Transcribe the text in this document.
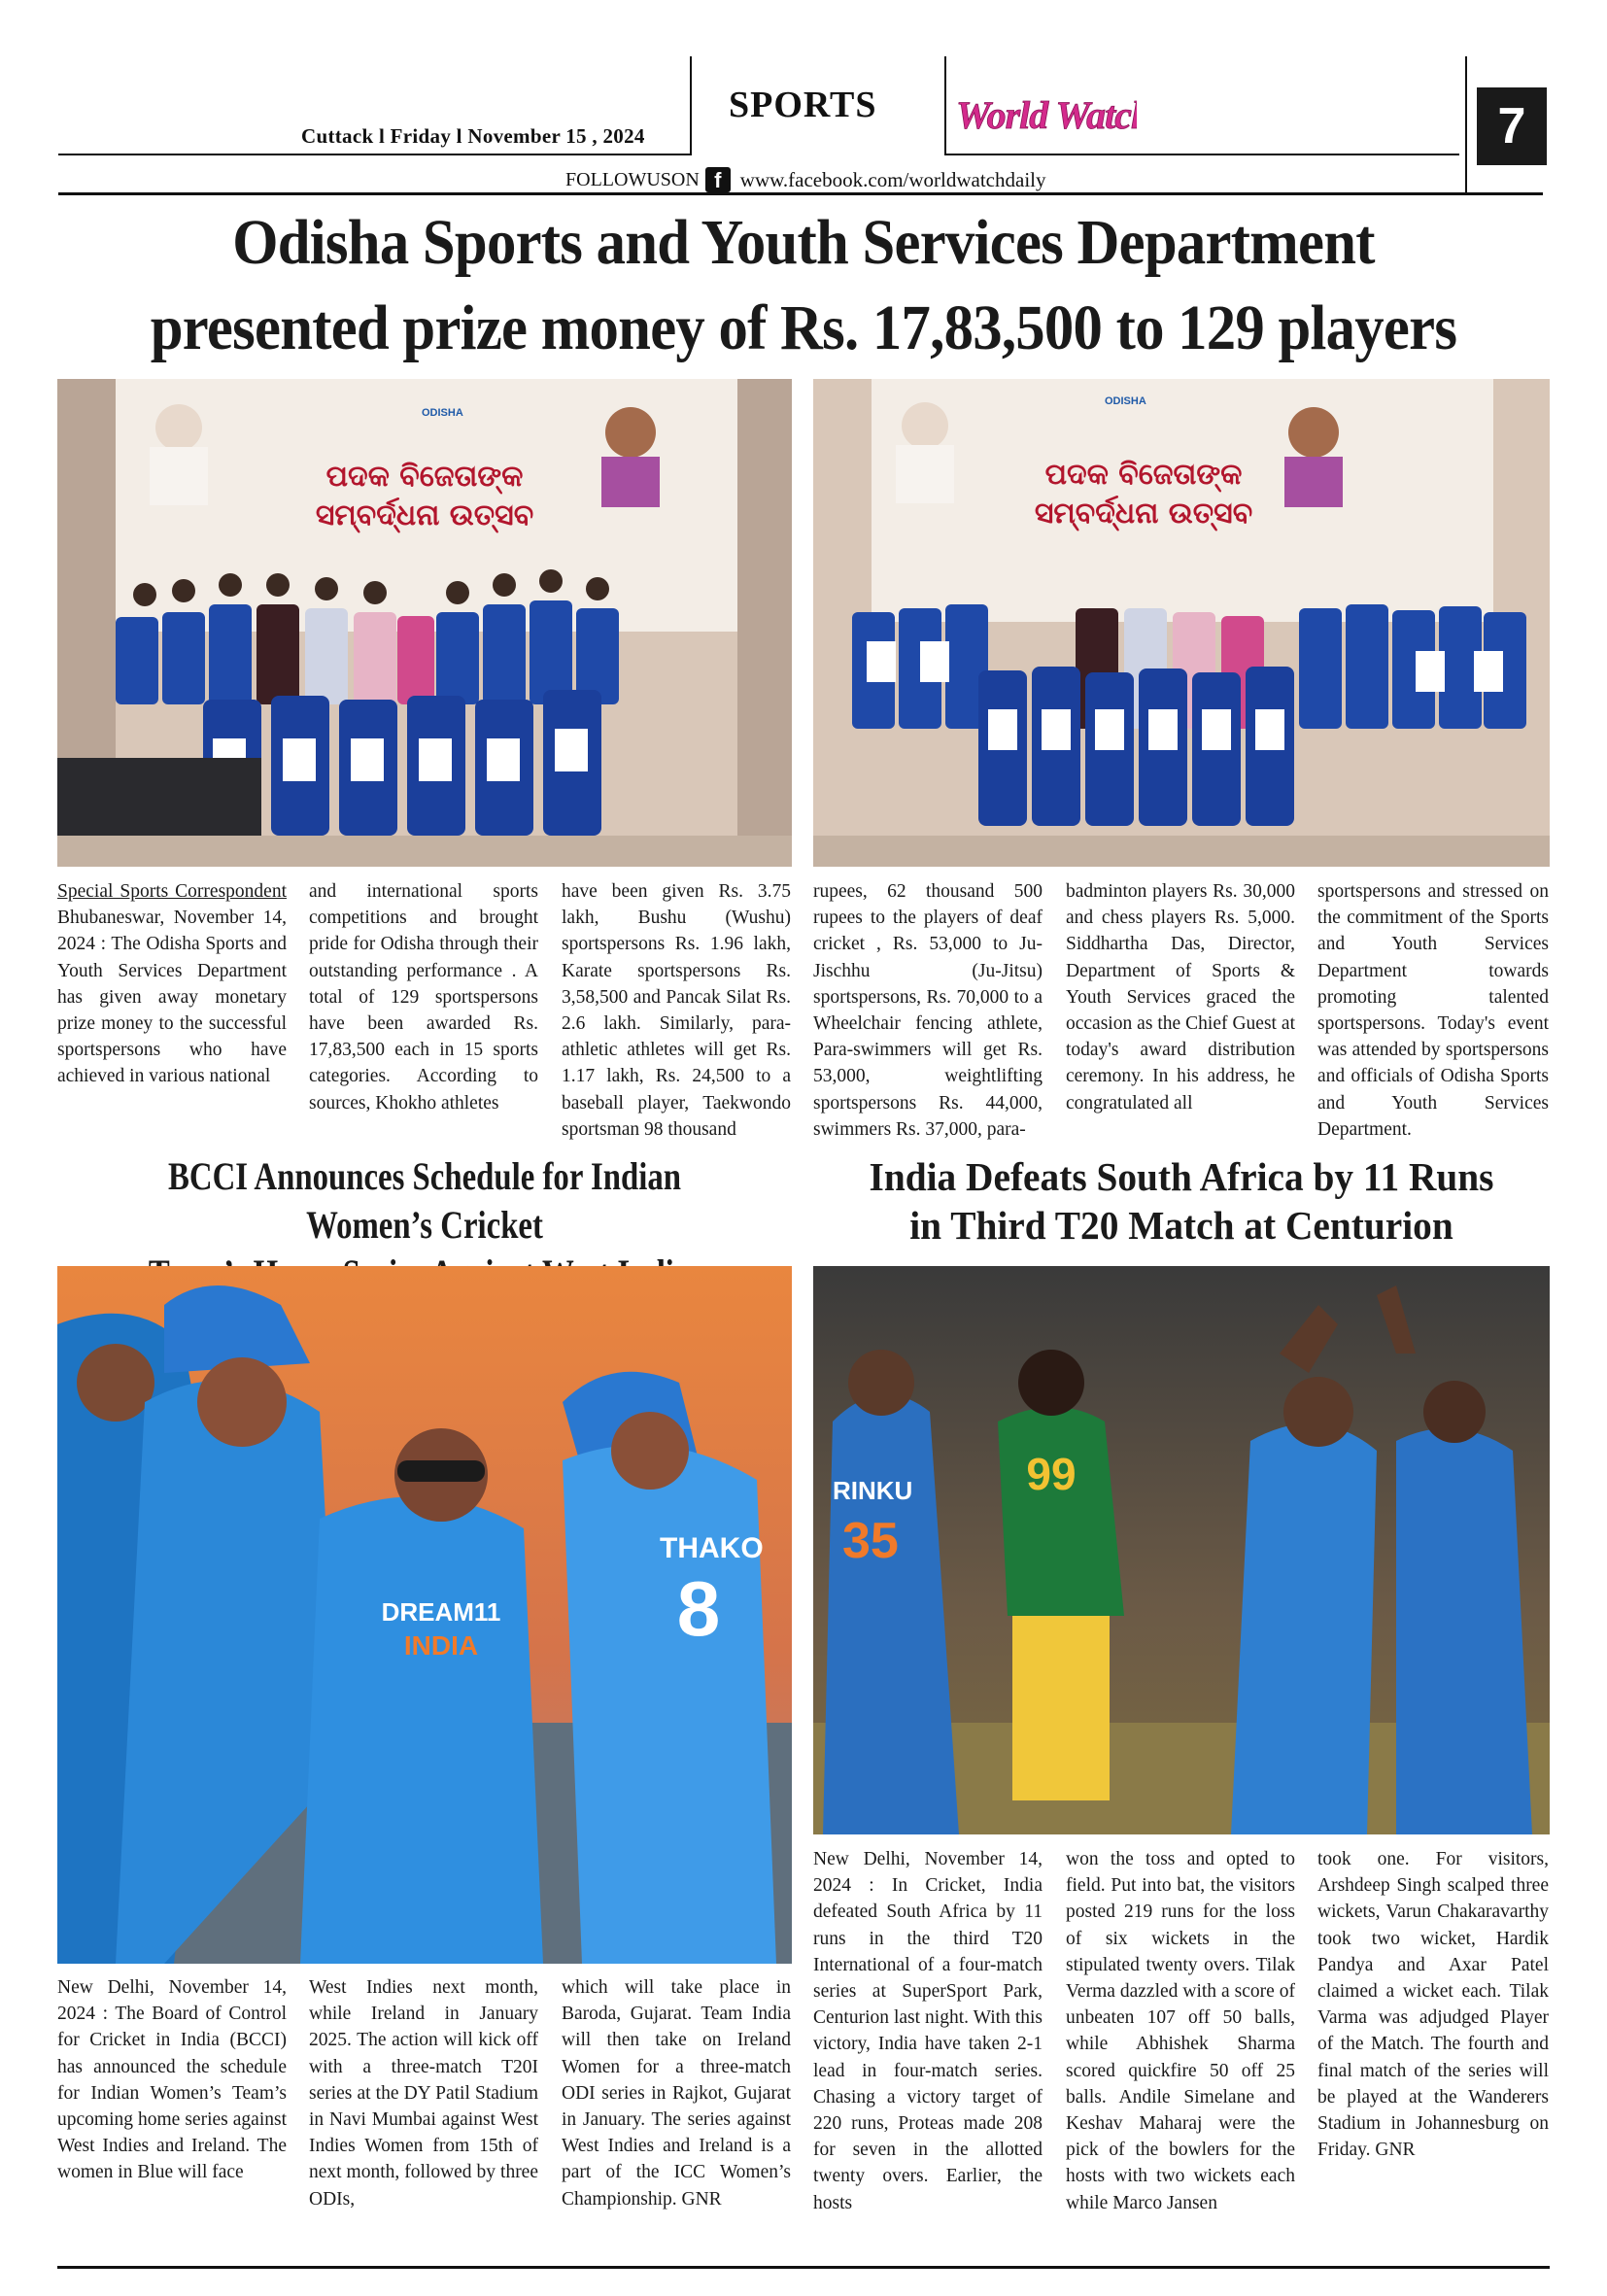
Cuttack l Friday l November 15 , 2024
SPORTS World Watch	7
FOLLOWUSON f www.facebook.com/worldwatchdaily
Odisha Sports and Youth Services Department
presented prize money of Rs. 17,83,500 to 129 players
ପଦକ ବିଜେତାଙ୍କ
ସମ୍ବର୍ଦ୍ଧନା ଉତ୍ସବ
ODISHA
ପଦକ ବିଜେତାଙ୍କ
ସମ୍ବର୍ଦ୍ଧନା ଉତ୍ସବ
ODISHA

Special Sports Correspondent

Bhubaneswar, November 14, 2024 : The Odisha Sports and Youth Services Department has given away monetary prize money to the successful sportspersons who have achieved in various national

and international sports competitions and brought pride for Odisha through their outstanding performance . A total of 129 sportspersons have been awarded Rs. 17,83,500 each in 15 sports categories. According to sources, Khokho athletes

have been given Rs. 3.75 lakh, Bushu (Wushu) sportspersons Rs. 1.96 lakh, Karate sportspersons Rs. 3,58,500 and Pancak Silat Rs. 2.6 lakh. Similarly, para-athletic athletes will get Rs. 1.17 lakh, Rs. 24,500 to a baseball player, Taekwondo sportsman 98 thousand

rupees, 62 thousand 500 rupees to the players of deaf cricket , Rs. 53,000 to Ju-Jischhu (Ju-Jitsu) sportspersons, Rs. 70,000 to a Wheelchair fencing athlete, Para-swimmers will get Rs. 53,000, weightlifting sportspersons Rs. 44,000, swimmers Rs. 37,000, para-

badminton players Rs. 30,000 and chess players Rs. 5,000. Siddhartha Das, Director, Department of Sports & Youth Services graced the occasion as the Chief Guest at today's award distribution ceremony. In his address, he congratulated all

sportspersons and stressed on the commitment of the Sports and Youth Services Department towards promoting talented sportspersons. Today's event was attended by sportspersons and officials of Odisha Sports and Youth Services Department.

BCCI Announces Schedule for Indian Women’s Cricket
DREAM11
INDIA
THAKO
8

New Delhi, November 14, 2024 : The Board of Control for Cricket in India (BCCI) has announced the schedule for Indian Women’s Team’s upcoming home series against West Indies and Ireland. The women in Blue will face

West Indies next month, while Ireland in January 2025. The action will kick off with a three-match T20I series at the DY Patil Stadium in Navi Mumbai against West Indies Women from 15th of next month, followed by three ODIs,

which will take place in Baroda, Gujarat. Team India will then take on Ireland Women for a three-match ODI series in Rajkot, Gujarat in January. The series against West Indies and Ireland is a part of the ICC Women’s Championship. GNR

India Defeats South Africa by 11 Runs
in Third T20 Match at Centurion
RINKU
35
99

New Delhi, November 14, 2024 : In Cricket, India defeated South Africa by 11 runs in the third T20 International of a four-match series at SuperSport Park, Centurion last night. With this victory, India have taken 2-1 lead in four-match series. Chasing a victory target of 220 runs, Proteas made 208 for seven in the allotted twenty overs. Earlier, the hosts

won the toss and opted to field. Put into bat, the visitors posted 219 runs for the loss of six wickets in the stipulated twenty overs. Tilak Verma dazzled with a score of unbeaten 107 off 50 balls, while Abhishek Sharma scored quickfire 50 off 25 balls. Andile Simelane and Keshav Maharaj were the pick of the bowlers for the hosts with two wickets each while Marco Jansen

took one. For visitors, Arshdeep Singh scalped three wickets, Varun Chakaravarthy took two wicket, Hardik Pandya and Axar Patel claimed a wicket each. Tilak Varma was adjudged Player of the Match. The fourth and final match of the series will be played at the Wanderers Stadium in Johannesburg on Friday. GNR
